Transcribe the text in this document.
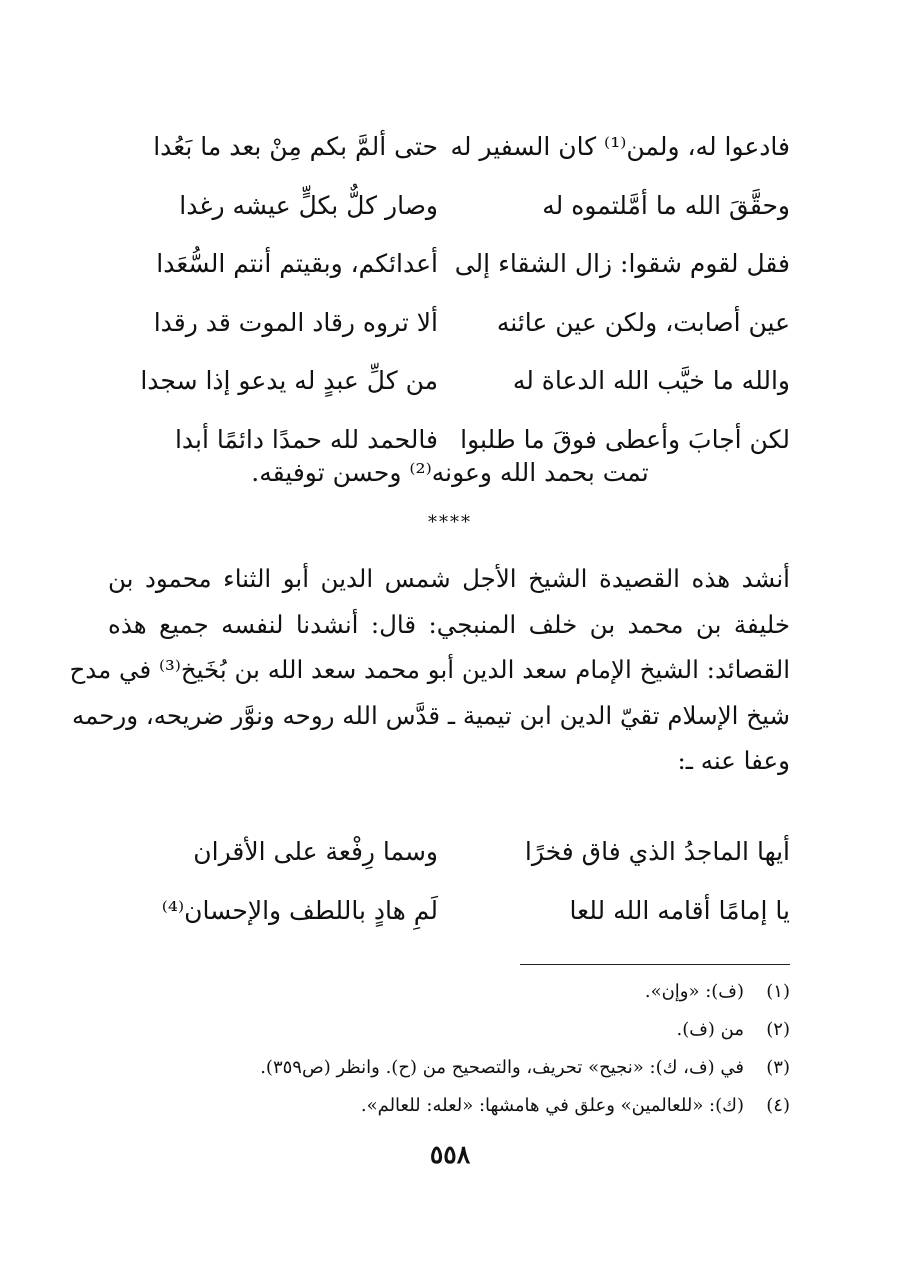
فادعوا له، ولمن⁽¹⁾ كان السفير له
حتى ألمَّ بكم مِنْ بعد ما بَعُدا
وحقَّقَ الله ما أمَّلتموه له
وصار كلٌّ بكلٍّ عيشه رغدا
فقل لقوم شقوا: زال الشقاء إلى
أعدائكم، وبقيتم أنتم السُّعَدا
عين أصابت، ولكن عين عائنه
ألا تروه رقاد الموت قد رقدا
والله ما خيَّب الله الدعاة له
من كلِّ عبدٍ له يدعو إذا سجدا
لكن أجابَ وأعطى فوقَ ما طلبوا
فالحمد لله حمدًا دائمًا أبدا
تمت بحمد الله وعونه⁽²⁾ وحسن توفيقه.
****
أنشد هذه القصيدة الشيخ الأجل شمس الدين أبو الثناء محمود بن
خليفة بن محمد بن خلف المنبجي: قال: أنشدنا لنفسه جميع هذه
القصائد: الشيخ الإمام سعد الدين أبو محمد سعد الله بن بُخَيخ⁽³⁾ في مدح
شيخ الإسلام تقيّ الدين ابن تيمية ـ قدَّس الله روحه ونوَّر ضريحه، ورحمه
وعفا عنه ـ:
أيها الماجدُ الذي فاق فخرًا
وسما رِفْعة على الأقران
يا إمامًا أقامه الله للعا
لَمِ هادٍ باللطف والإحسان⁽⁴⁾
(١)
(ف): «وإن».
(٢)
من (ف).
(٣)
في (ف، ك): «نجيح» تحريف، والتصحيح من (ح). وانظر (ص٣٥٩).
(٤)
(ك): «للعالمين» وعلق في هامشها: «لعله: للعالم».
٥٥٨
